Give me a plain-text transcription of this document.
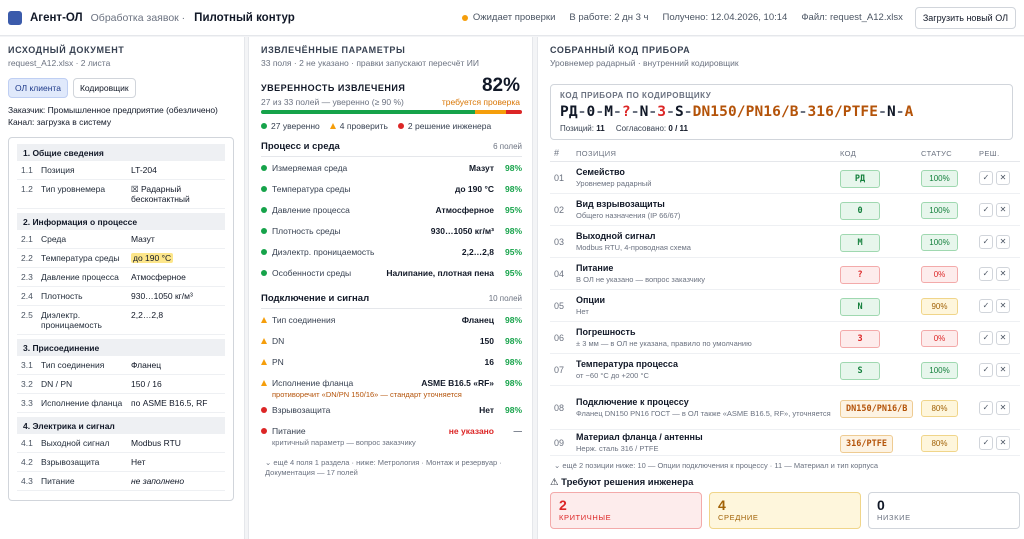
Агент-ОЛ Обработка заявок · Пилотный контур	Ожидает проверки В работе: 2 дн 3 ч Получено: 12.04.2026, 10:14 Файл: request_A12.xlsx	Загрузить новый ОЛ
ИСХОДНЫЙ ДОКУМЕНТ
request_A12.xlsx · 2 листа
ОЛ клиента	Кодировщик
Заказчик: Промышленное предприятие (обезличено)
Канал: загрузка в систему
1. Общие сведения
1.1 Позиция	LT-204
1.2 Тип уровнемера	☒ Радарный бесконтактный
2. Информация о процессе
2.1 Среда	Мазут
2.2 Температура среды	до 190 °C
2.3 Давление процесса	Атмосферное
2.4 Плотность	930…1050 кг/м³
2.5 Диэлектр. проницаемость
2,2…2,8
3. Присоединение
3.1 Тип соединения	Фланец
3.2 DN / PN	150 / 16
3.3 Исполнение фланца	по ASME B16.5, RF
4. Электрика и сигнал
4.1 Выходной сигнал	Modbus RTU
4.2 Взрывозащита	Нет
4.3 Питание	не заполнено
ИЗВЛЕЧЁННЫЕ ПАРАМЕТРЫ
33 поля · 2 не указано · правки запускают пересчёт ИИ
УВЕРЕННОСТЬ ИЗВЛЕЧЕНИЯ
27 из 33 полей — уверенно (≥ 90 %)
82%
требуется проверка
27 уверенно	4 проверить	2 решение инженера
Процесс и среда	6 полей
Измеряемая среда	Мазут	98%
Температура среды	до 190 °C	98%
Давление процесса	Атмосферное	95%
Плотность среды	930…1050 кг/м³	98%
Диэлектр. проницаемость	2,2…2,8	95%
Особенности среды	Налипание, плотная пена	95%
Подключение и сигнал	10 полей
Тип соединения	Фланец	98%
DN	150	98%
PN	16	98%
Исполнение фланца	ASME B16.5 «RF»	98%
противоречит «DN/PN 150/16» — стандарт уточняется
Взрывозащита	Нет	98%
Питание	не указано	—
критичный параметр — вопрос заказчику
⌄ ещё 4 поля 1 раздела · ниже: Метрология · Монтаж и резервуар · Документация — 17 полей
СОБРАННЫЙ КОД ПРИБОРА
Уровнемер радарный · внутренний кодировщик
КОД ПРИБОРА ПО КОДИРОВЩИКУ
РД-0-M-?-N-3-S-DN150/PN16/B-316/PTFE-N-A
Позиций: 11 Согласовано: 0 / 11
#	ПОЗИЦИЯ	КОД	СТАТУС	РЕШ.
01
Семейство
Уровнемер радарный	РД	100%	✓	✕
02
Вид взрывозащиты
Общего назначения (IP 66/67)	0	100%	✓	✕
03
Выходной сигнал
Modbus RTU, 4-проводная схема	M	100%	✓	✕
04
Питание
В ОЛ не указано — вопрос заказчику	?	0%	✓	✕
05
Опции
Нет	N	90%	✓	✕
06
Погрешность
± 3 мм — в ОЛ не указана, правило по умолчанию	3	0%	✓	✕
07
Температура процесса
от −60 °C до +200 °C	S	100%	✓	✕
08
Подключение к процессу
Фланец DN150 PN16 ГОСТ — в ОЛ также «ASME B16.5, RF», уточняется	DN150/PN16/B	80%	✓	✕
09
Материал фланца / антенны
Нерж. сталь 316 / PTFE	316/PTFE	80%	✓	✕
⌄ ещё 2 позиции ниже: 10 — Опции подключения к процессу · 11 — Материал и тип корпуса
⚠ Требуют решения инженера
2
КРИТИЧНЫЕ
4
СРЕДНИЕ
0
НИЗКИЕ
